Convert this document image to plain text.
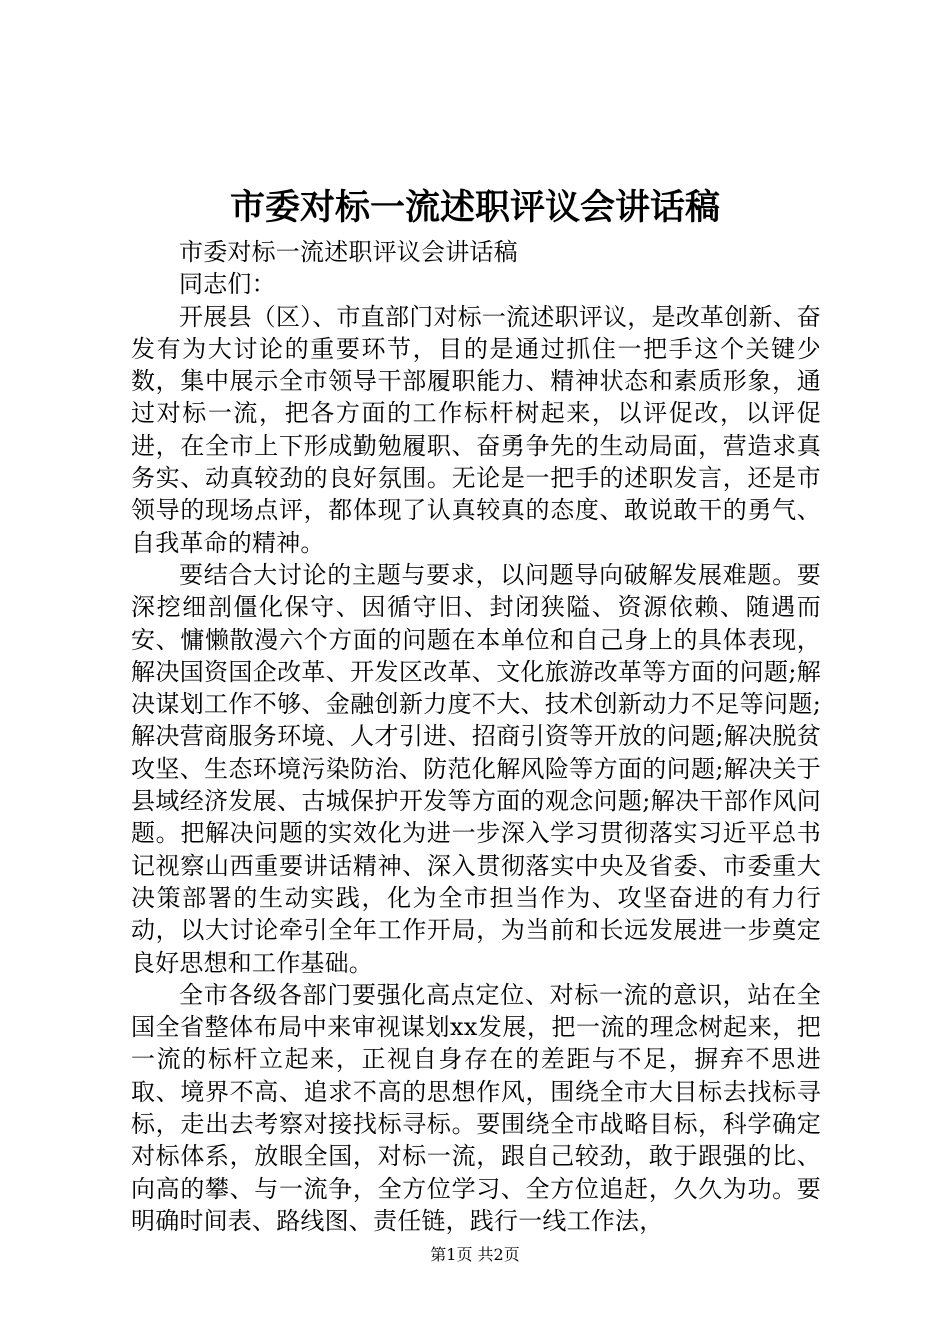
市委对标一流述职评议会讲话稿

市委对标一流述职评议会讲话稿

同志们：

开展县（区）、市直部门对标一流述职评议，是改革创新、奋发有为大讨论的重要环节，目的是通过抓住一把手这个关键少数，集中展示全市领导干部履职能力、精神状态和素质形象，通过对标一流，把各方面的工作标杆树起来，以评促改，以评促进，在全市上下形成勤勉履职、奋勇争先的生动局面，营造求真务实、动真较劲的良好氛围。无论是一把手的述职发言，还是市领导的现场点评，都体现了认真较真的态度、敢说敢干的勇气、自我革命的精神。

要结合大讨论的主题与要求，以问题导向破解发展难题。要深挖细剖僵化保守、因循守旧、封闭狭隘、资源依赖、随遇而安、慵懒散漫六个方面的问题在本单位和自己身上的具体表现，解决国资国企改革、开发区改革、文化旅游改革等方面的问题;解决谋划工作不够、金融创新力度不大、技术创新动力不足等问题;解决营商服务环境、人才引进、招商引资等开放的问题;解决脱贫攻坚、生态环境污染防治、防范化解风险等方面的问题;解决关于县域经济发展、古城保护开发等方面的观念问题;解决干部作风问题。把解决问题的实效化为进一步深入学习贯彻落实习近平总书记视察山西重要讲话精神、深入贯彻落实中央及省委、市委重大决策部署的生动实践，化为全市担当作为、攻坚奋进的有力行动，以大讨论牵引全年工作开局，为当前和长远发展进一步奠定良好思想和工作基础。

全市各级各部门要强化高点定位、对标一流的意识，站在全国全省整体布局中来审视谋划xx发展，把一流的理念树起来，把一流的标杆立起来，正视自身存在的差距与不足，摒弃不思进取、境界不高、追求不高的思想作风，围绕全市大目标去找标寻标，走出去考察对接找标寻标。要围绕全市战略目标，科学确定对标体系，放眼全国，对标一流，跟自己较劲，敢于跟强的比、向高的攀、与一流争，全方位学习、全方位追赶，久久为功。要明确时间表、路线图、责任链，践行一线工作法，

第1页 共2页
